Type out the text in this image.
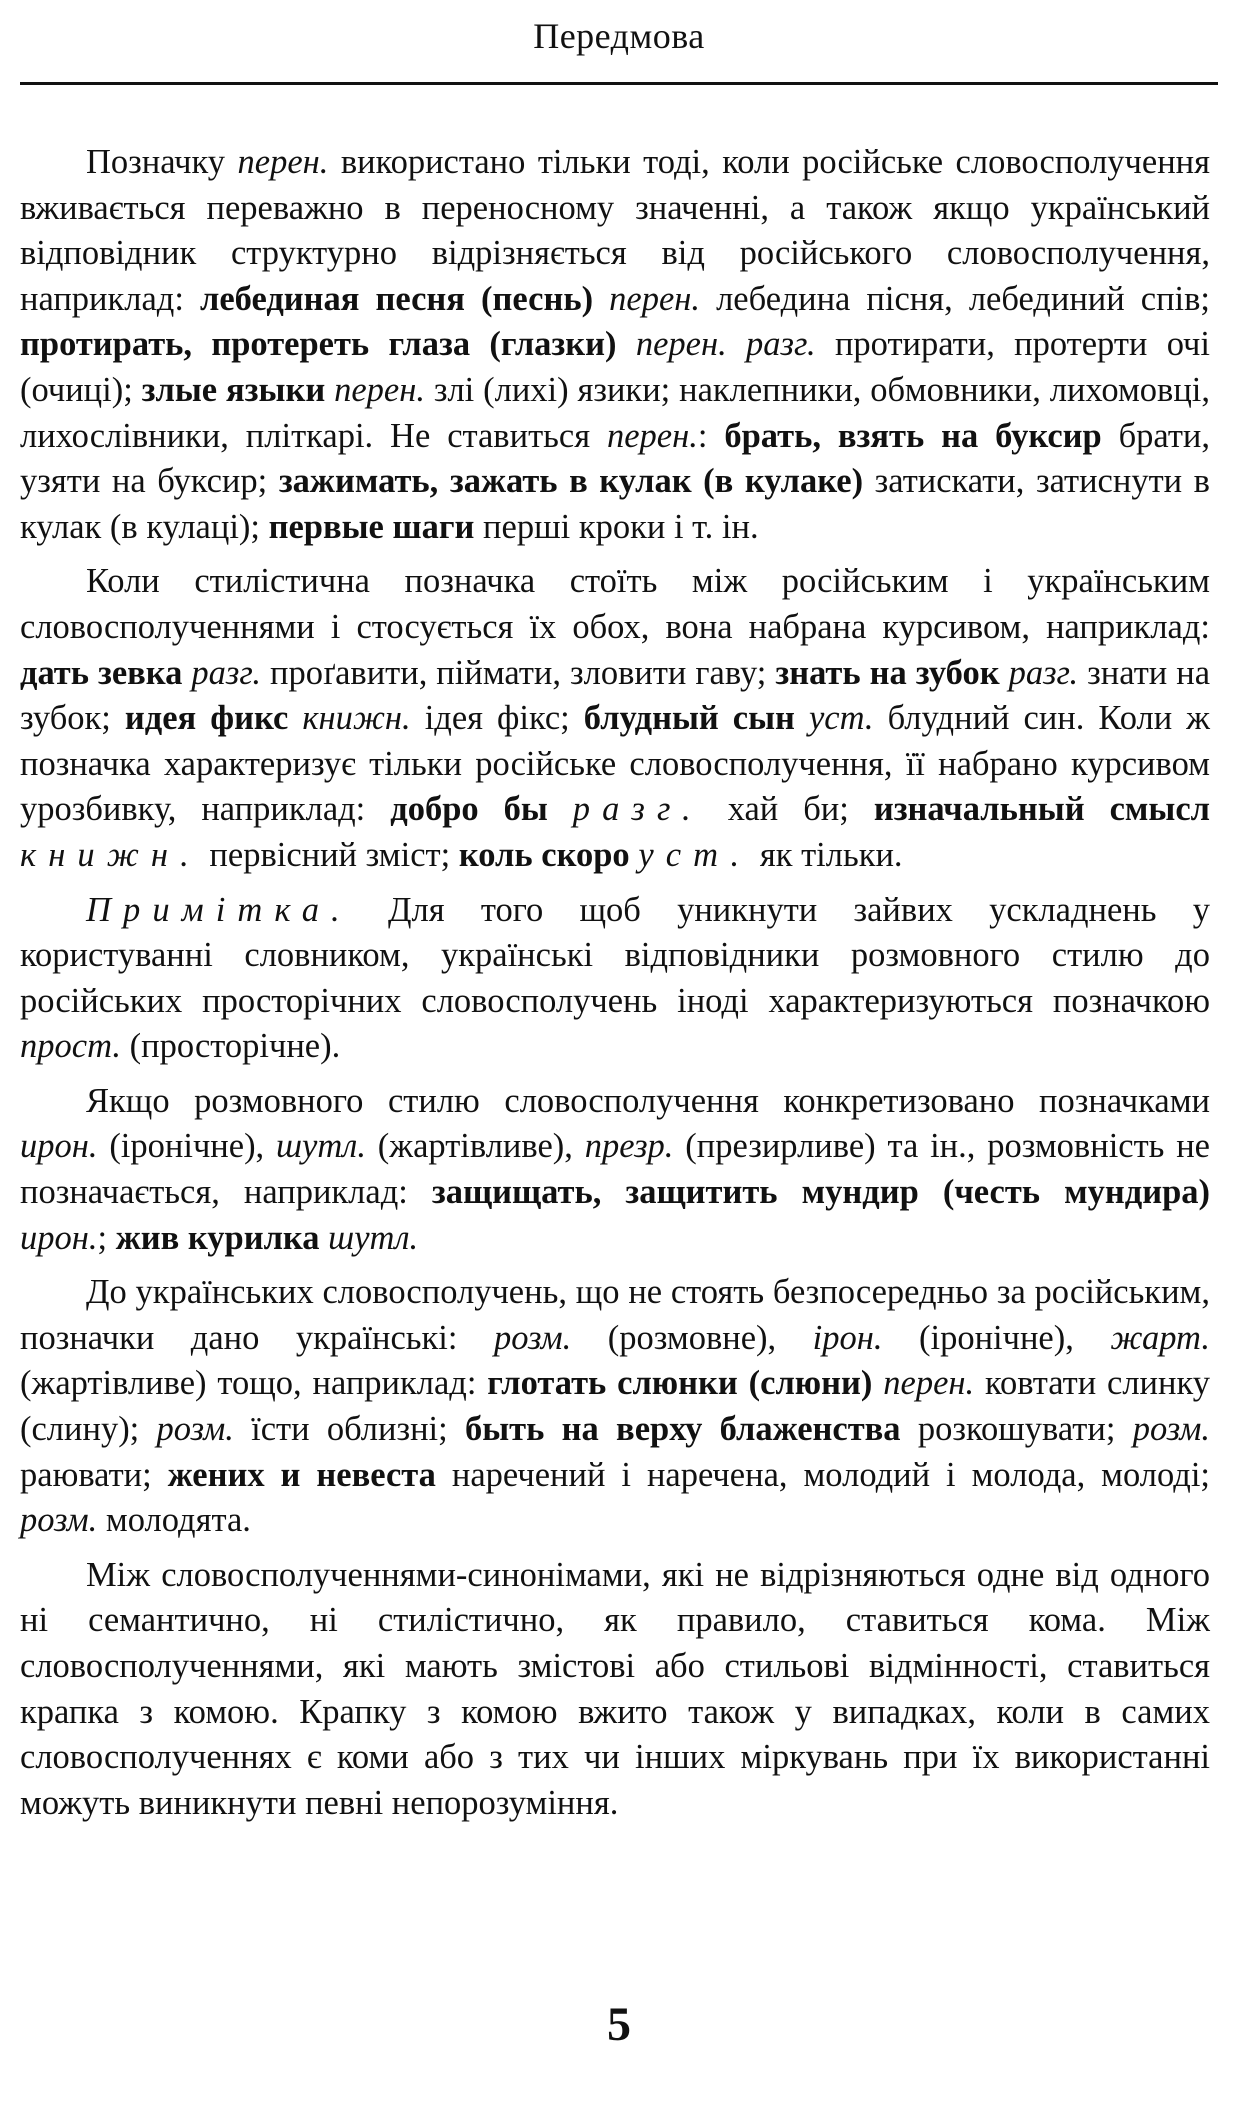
Передмова

Позначку перен. використано тільки тоді, коли російське словосполучення вживається переважно в переносному значенні, а також якщо український відповідник структурно відрізняється від російського словосполучення, наприклад: лебединая песня (песнь) перен. лебедина пісня, лебединий спів; протирать, протереть глаза (глазки) перен. разг. протирати, протерти очі (очиці); злые языки перен. злі (лихі) язики; наклепники, обмовники, лихомовці, лихослівники, пліткарі. Не ставиться перен.: брать, взять на буксир брати, узяти на буксир; зажимать, зажать в кулак (в кулаке) затискати, затиснути в кулак (в кулаці); первые шаги перші кроки і т. ін.

Коли стилістична позначка стоїть між російським і українським словосполученнями і стосується їх обох, вона набрана курсивом, наприклад: дать зевка разг. проґавити, піймати, зловити гаву; знать на зубок разг. знати на зубок; идея фикс книжн. ідея фікс; блудный сын уст. блудний син. Коли ж позначка характеризує тільки російське словосполучення, її набрано курсивом урозбивку, наприклад: добро бы разг. хай би; изначальный смысл книжн. первісний зміст; коль скоро уст. як тільки.

Примітка. Для того щоб уникнути зайвих ускладнень у користуванні словником, українські відповідники розмовного стилю до російських просторічних словосполучень іноді характеризуються позначкою прост. (просторічне).

Якщо розмовного стилю словосполучення конкретизовано позначками ирон. (іронічне), шутл. (жартівливе), презр. (презирливе) та ін., розмовність не позначається, наприклад: защищать, защитить мундир (честь мундира) ирон.; жив курилка шутл.

До українських словосполучень, що не стоять безпосередньо за російським, позначки дано українські: розм. (розмовне), ірон. (іронічне), жарт. (жартівливе) тощо, наприклад: глотать слюнки (слюни) перен. ковтати слинку (слину); розм. їсти облизні; быть на верху блаженства розкошувати; розм. раювати; жених и невеста наречений і наречена, молодий і молода, молоді; розм. молодята.

Між словосполученнями-синонімами, які не відрізняються одне від одного ні семантично, ні стилістично, як правило, ставиться кома. Між словосполученнями, які мають змістові або стильові відмінності, ставиться крапка з комою. Крапку з комою вжито також у випадках, коли в самих словосполученнях є коми або з тих чи інших міркувань при їх використанні можуть виникнути певні непорозуміння.

5
